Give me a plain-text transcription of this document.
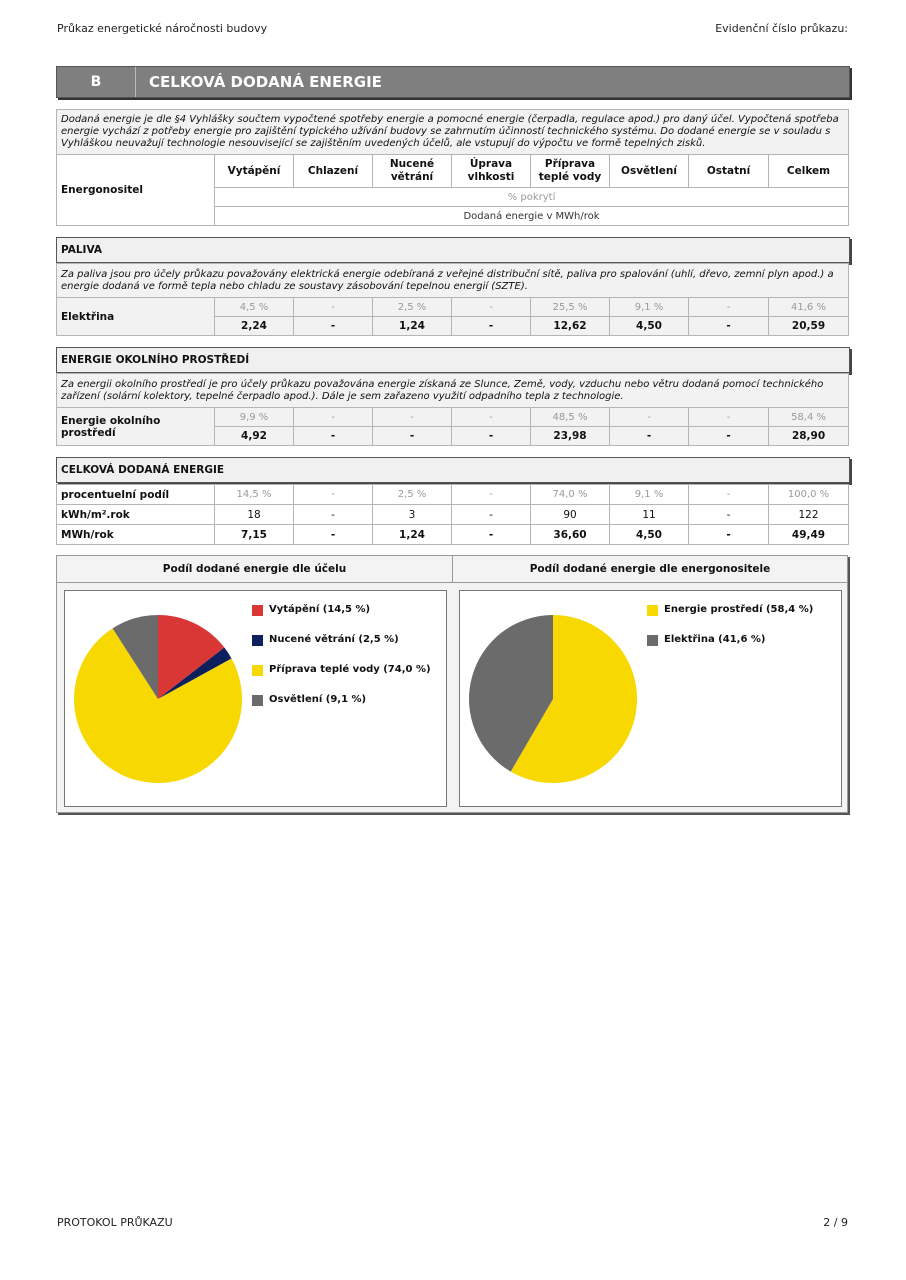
Průkaz energetické náročnosti budovy	Evidenční číslo průkazu:
B	CELKOVÁ DODANÁ ENERGIE
Dodaná energie je dle §4 Vyhlášky součtem vypočtené spotřeby energie a pomocné energie (čerpadla, regulace apod.) pro daný účel. Vypočtená spotřeba energie vychází z potřeby energie pro zajištění typického užívání budovy se zahrnutím účinností technického systému. Do dodané energie se v souladu s Vyhláškou neuvažují technologie nesouvisející se zajištěním uvedených účelů, ale vstupují do výpočtu ve formě tepelných zisků.
Energonositel	Vytápění	Chlazení	Nucené větrání	Úprava vlhkosti	Příprava teplé vody	Osvětlení	Ostatní	Celkem
% pokrytí
Dodaná energie v MWh/rok
PALIVA
Za paliva jsou pro účely průkazu považovány elektrická energie odebíraná z veřejné distribuční sítě, paliva pro spalování (uhlí, dřevo, zemní plyn apod.) a energie dodaná ve formě tepla nebo chladu ze soustavy zásobování tepelnou energií (SZTE).								
Elektřina	4,5 %	-	2,5 %	-	25,5 %	9,1 %	-	41,6 %
	2,24	-	1,24	-	12,62	4,50	-	20,59
ENERGIE OKOLNÍHO PROSTŘEDÍ
Za energii okolního prostředí je pro účely průkazu považována energie získaná ze Slunce, Země, vody, vzduchu nebo větru dodaná pomocí technického zařízení (solární kolektory, tepelné čerpadlo apod.). Dále je sem zařazeno využití odpadního tepla z technologie.								
Energie okolního prostředí	9,9 %	-	-	-	48,5 %	-	-	58,4 %
	4,92	-	-	-	23,98	-	-	28,90
CELKOVÁ DODANÁ ENERGIE
procentuelní podíl	14,5 %	-	2,5 %	-	74,0 %	9,1 %	-	100,0 %
kWh/m².rok	18	-	3	-	90	11	-	122
MWh/rok	7,15	-	1,24	-	36,60	4,50	-	49,49
Podíl dodané energie dle účelu	Podíl dodané energie dle energonositele
Vytápění (14,5 %)
Nucené větrání (2,5 %)
Příprava teplé vody (74,0 %)
Osvětlení (9,1 %)
Energie prostředí (58,4 %)
Elektřina (41,6 %)
PROTOKOL PRŮKAZU	2 / 9
